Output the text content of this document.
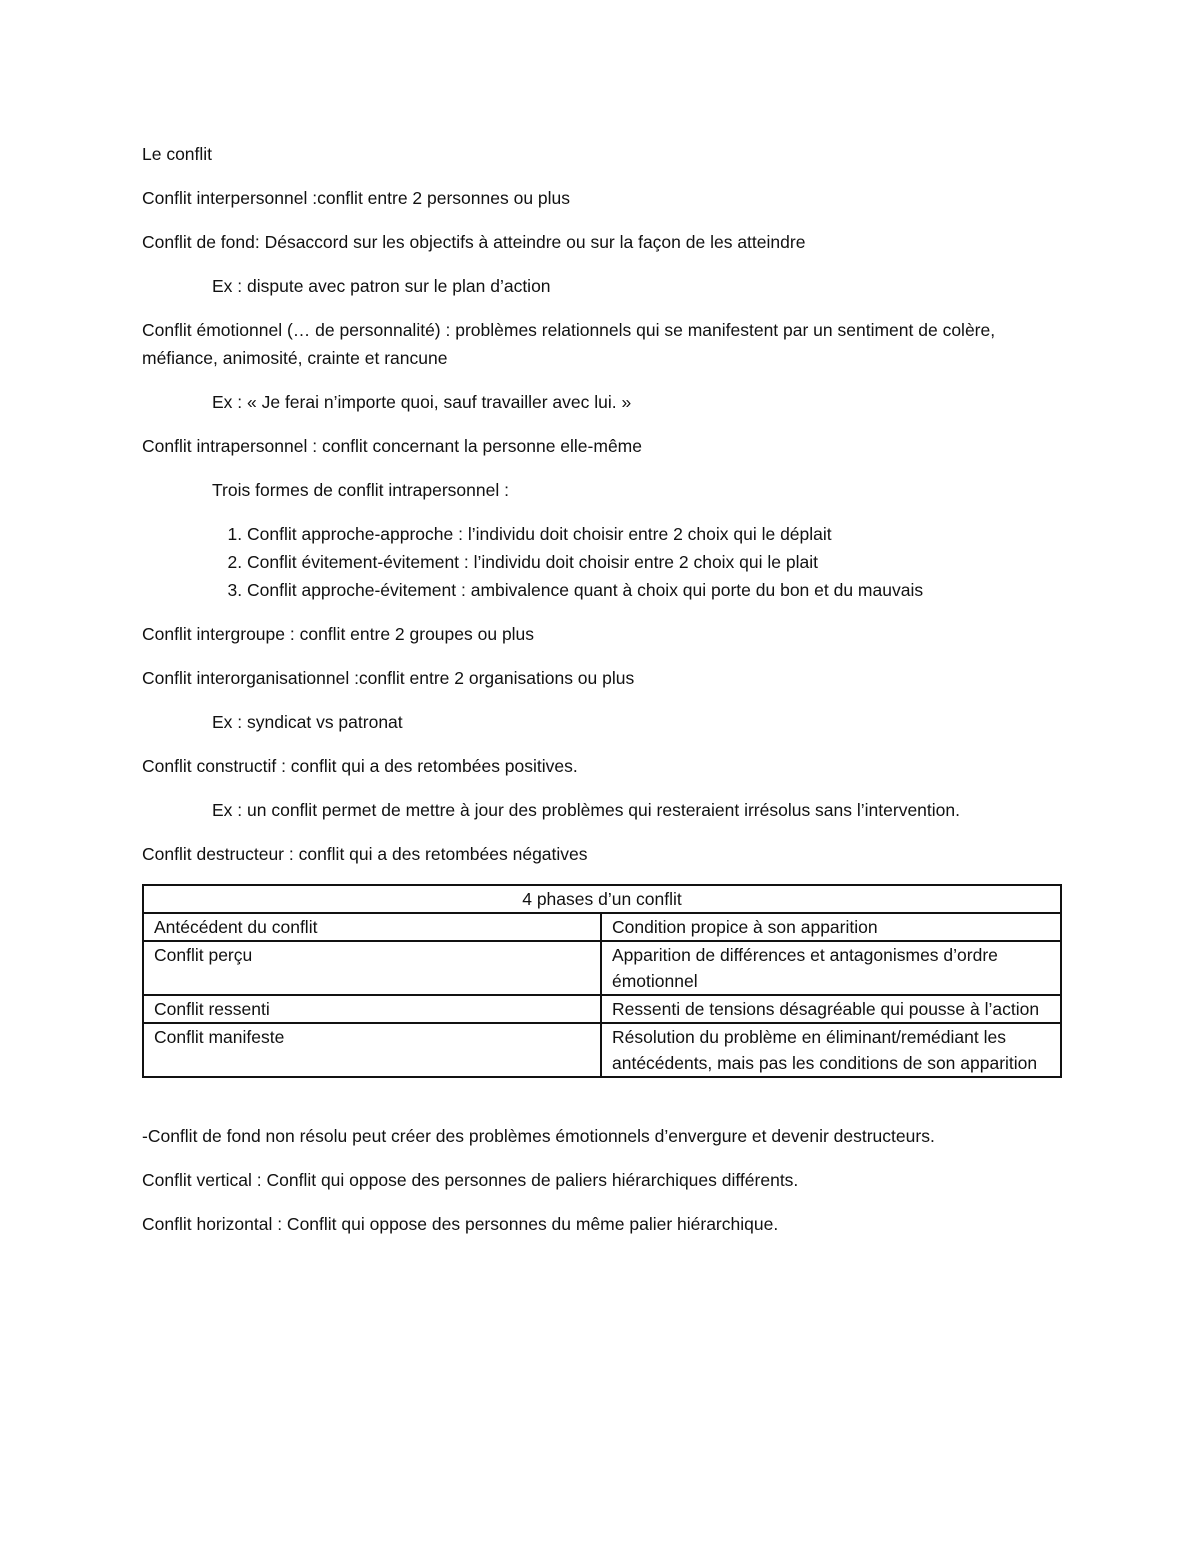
Le conflit

Conflit interpersonnel :conflit entre 2 personnes ou plus

Conflit de fond: Désaccord sur les objectifs à atteindre ou sur la façon de les atteindre

Ex : dispute avec patron sur le plan d’action

Conflit émotionnel (… de personnalité) : problèmes relationnels qui se manifestent par un sentiment de colère, méfiance, animosité, crainte et rancune

Ex : « Je ferai n’importe quoi, sauf travailler avec lui. »

Conflit intrapersonnel : conflit concernant la personne elle-même

Trois formes de conflit intrapersonnel :

1. Conflit approche-approche : l’individu doit choisir entre 2 choix qui le déplait
2. Conflit évitement-évitement : l’individu doit choisir entre 2 choix qui le plait
3. Conflit approche-évitement : ambivalence quant à choix qui porte du bon et du mauvais

Conflit intergroupe : conflit entre 2 groupes ou plus

Conflit interorganisationnel :conflit entre 2 organisations ou plus

Ex : syndicat vs patronat

Conflit constructif : conflit qui a des retombées positives.

Ex : un conflit permet de mettre à jour des problèmes qui resteraient irrésolus sans l’intervention.

Conflit destructeur : conflit qui a des retombées négatives

4 phases d’un conflit	
Antécédent du conflit	Condition propice à son apparition
Conflit perçu	Apparition de différences et antagonismes d’ordre émotionnel
Conflit ressenti	Ressenti de tensions désagréable qui pousse à l’action
Conflit manifeste	Résolution du problème en éliminant/remédiant les antécédents, mais pas les conditions de son apparition

-Conflit de fond non résolu peut créer des problèmes émotionnels d’envergure et devenir destructeurs.

Conflit vertical : Conflit qui oppose des personnes de paliers hiérarchiques différents.

Conflit horizontal : Conflit qui oppose des personnes du même palier hiérarchique.
